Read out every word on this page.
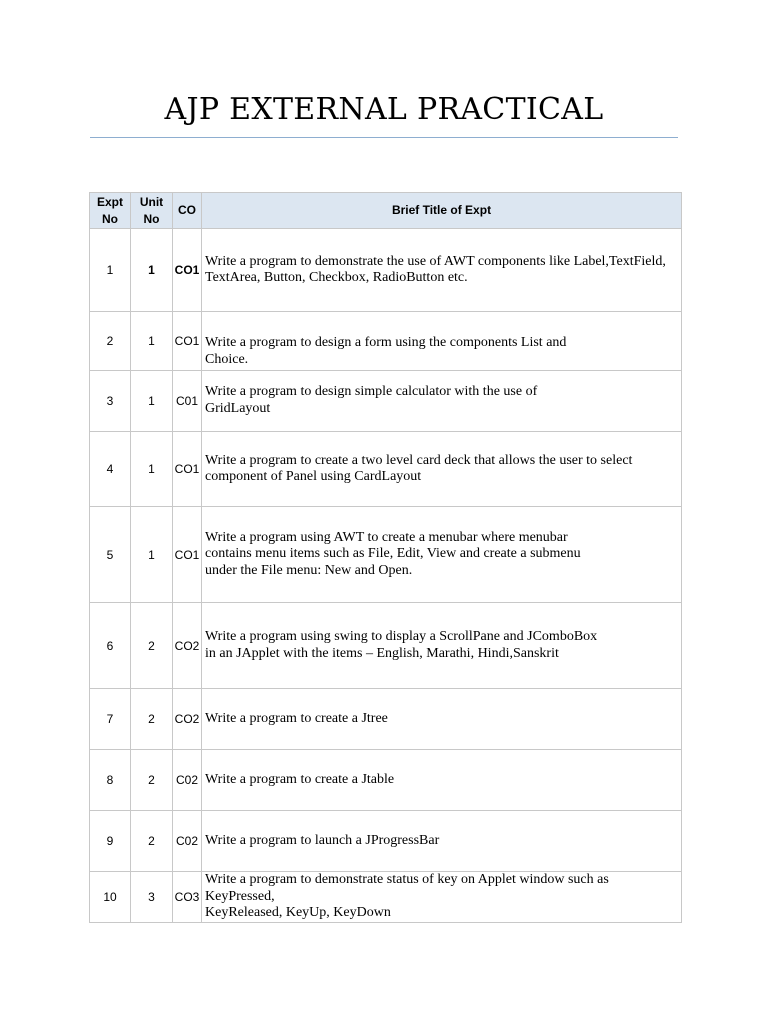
AJP EXTERNAL PRACTICAL
Expt No	Unit No	CO	Brief Title of Expt
1	1	CO1	Write a program to demonstrate the use of AWT components like Label,TextField,
TextArea, Button, Checkbox, RadioButton etc.

2	1	CO1	Write a program to design a form using the components List and
Choice.

3	1	C01	Write a program to design simple calculator with the use of
GridLayout

4	1	CO1	Write a program to create a two level card deck that allows the user to select
component of Panel using CardLayout

5	1	CO1	Write a program using AWT to create a menubar where menubar
contains menu items such as File, Edit, View and create a submenu
under the File menu: New and Open.

6	2	CO2	Write a program using swing to display a ScrollPane and JComboBox
in an JApplet with the items – English, Marathi, Hindi,Sanskrit

7	2	CO2	Write a program to create a Jtree

8	2	C02	Write a program to create a Jtable

9	2	C02	Write a program to launch a JProgressBar

10	3	CO3	Write a program to demonstrate status of key on Applet window such as KeyPressed,
KeyReleased, KeyUp, KeyDown
